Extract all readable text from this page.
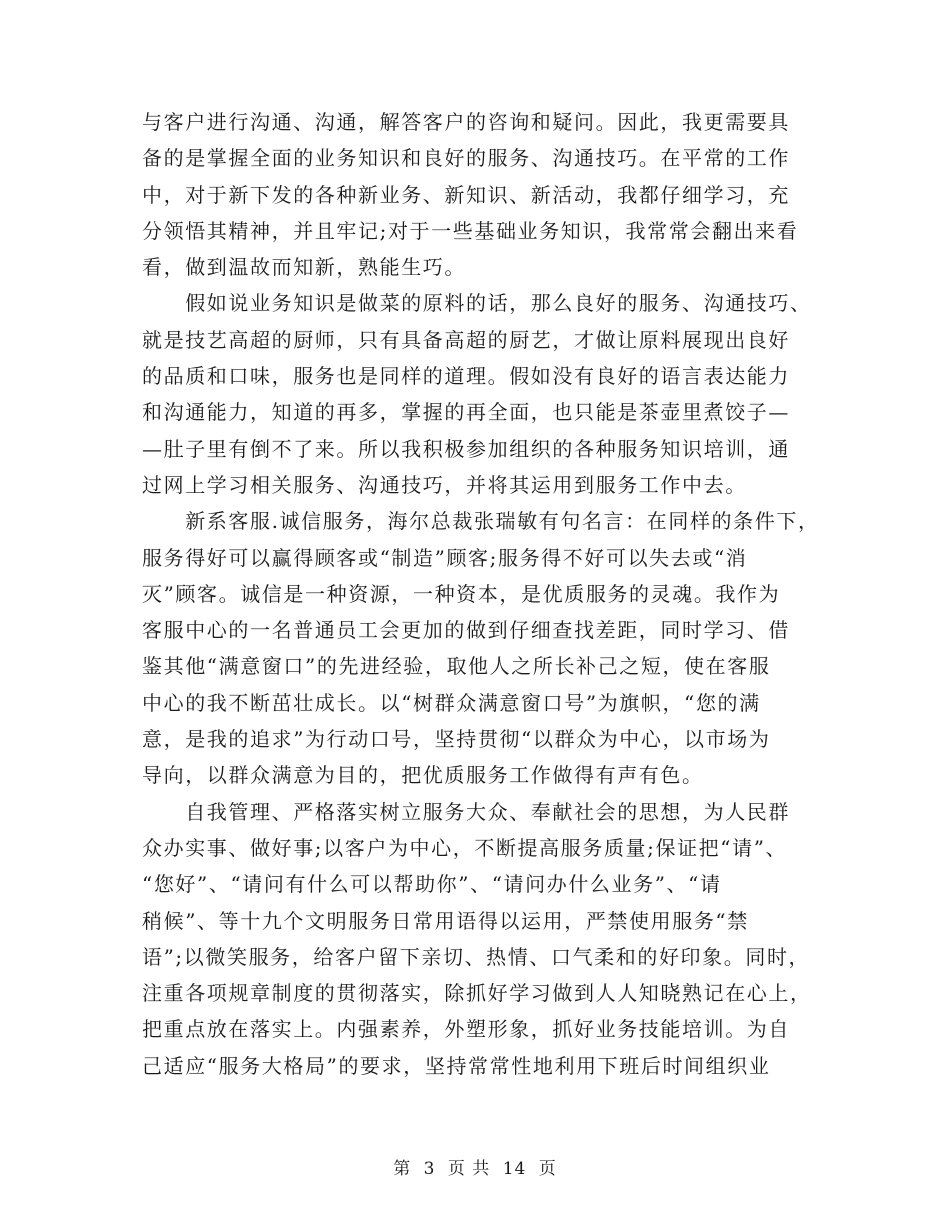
与客户进行沟通、沟通，解答客户的咨询和疑问。因此，我更需要具
备的是掌握全面的业务知识和良好的服务、沟通技巧。在平常的工作
中，对于新下发的各种新业务、新知识、新活动，我都仔细学习，充
分领悟其精神，并且牢记;对于一些基础业务知识，我常常会翻出来看
看，做到温故而知新，熟能生巧。
　　假如说业务知识是做菜的原料的话，那么良好的服务、沟通技巧、
就是技艺高超的厨师，只有具备高超的厨艺，才做让原料展现出良好
的品质和口味，服务也是同样的道理。假如没有良好的语言表达能力
和沟通能力，知道的再多，掌握的再全面，也只能是茶壶里煮饺子—
—肚子里有倒不了来。所以我积极参加组织的各种服务知识培训，通
过网上学习相关服务、沟通技巧，并将其运用到服务工作中去。
　　新系客服.诚信服务，海尔总裁张瑞敏有句名言：在同样的条件下，
服务得好可以赢得顾客或“制造”顾客;服务得不好可以失去或“消
灭”顾客。诚信是一种资源，一种资本，是优质服务的灵魂。我作为
客服中心的一名普通员工会更加的做到仔细查找差距，同时学习、借
鉴其他“满意窗口”的先进经验，取他人之所长补己之短，使在客服
中心的我不断茁壮成长。以“树群众满意窗口号”为旗帜，“您的满
意，是我的追求”为行动口号，坚持贯彻“以群众为中心，以市场为
导向，以群众满意为目的，把优质服务工作做得有声有色。
　　自我管理、严格落实树立服务大众、奉献社会的思想，为人民群
众办实事、做好事;以客户为中心，不断提高服务质量;保证把“请”、
“您好”、“请问有什么可以帮助你”、“请问办什么业务”、“请
稍候”、等十九个文明服务日常用语得以运用，严禁使用服务“禁
语”;以微笑服务，给客户留下亲切、热情、口气柔和的好印象。同时，
注重各项规章制度的贯彻落实，除抓好学习做到人人知晓熟记在心上，
把重点放在落实上。内强素养，外塑形象，抓好业务技能培训。为自
己适应“服务大格局”的要求，坚持常常性地利用下班后时间组织业
第 3 页 共 14 页
